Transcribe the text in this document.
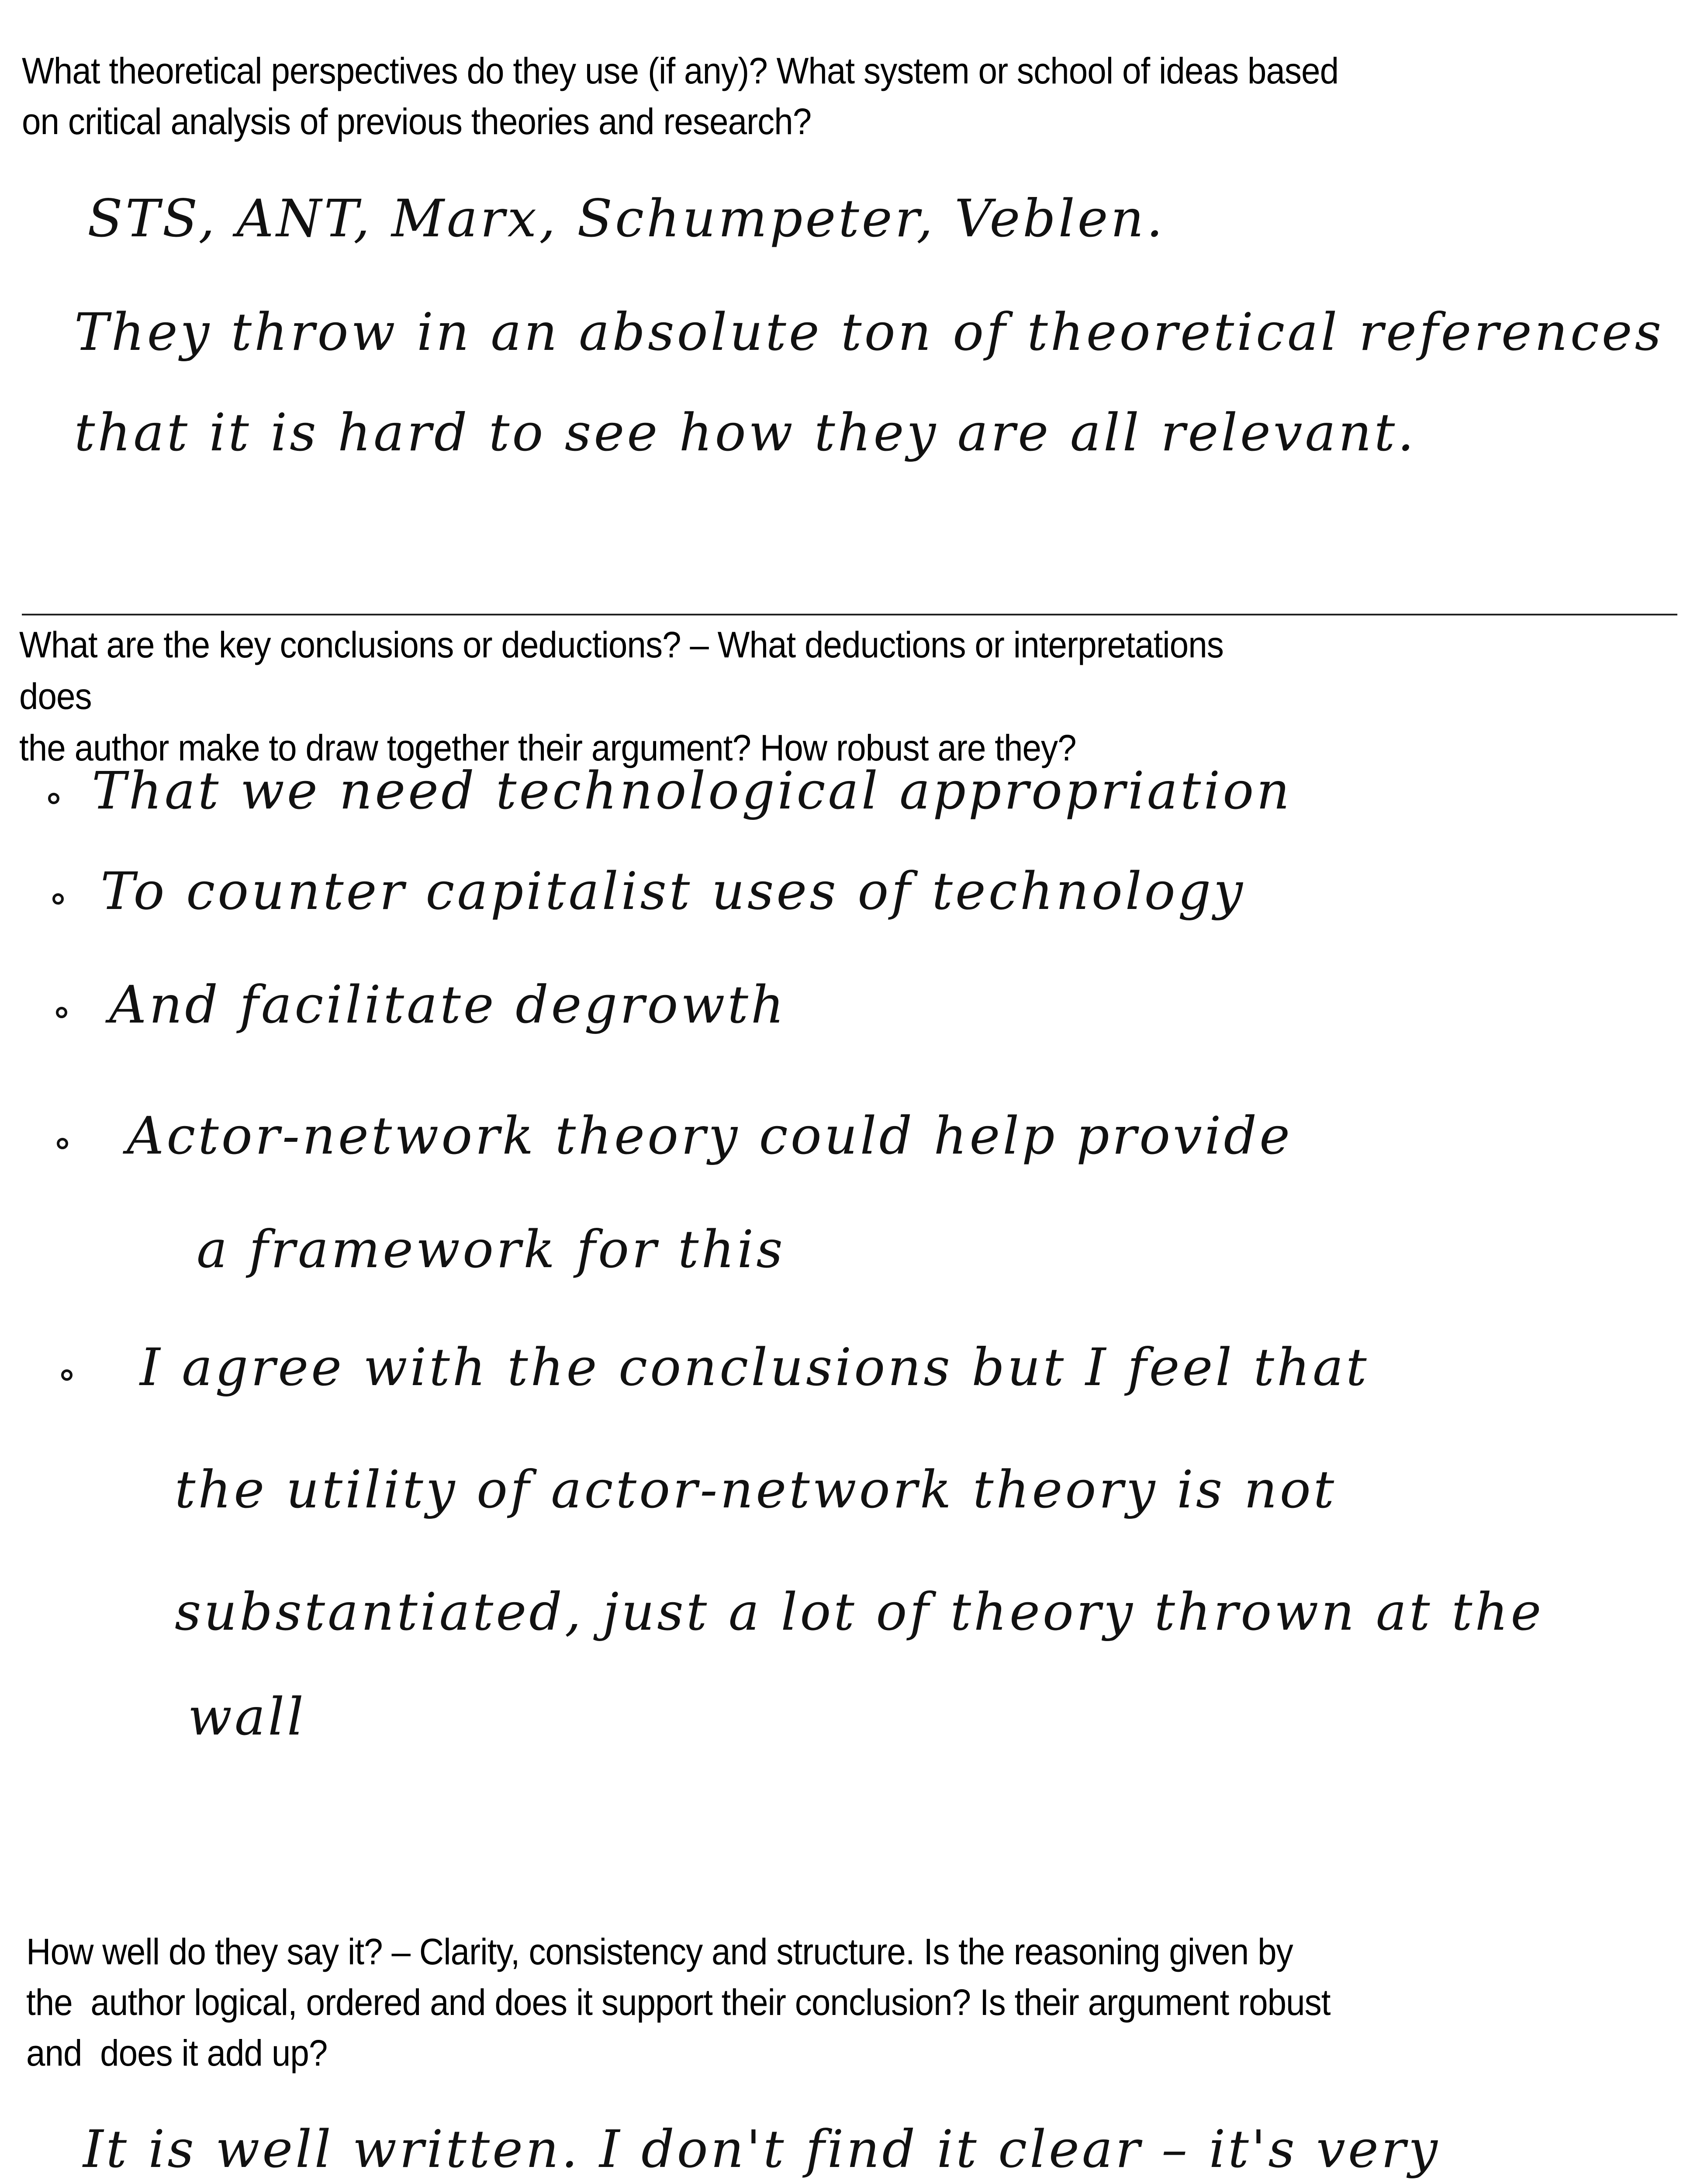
What theoretical perspectives do they use (if any)? What system or school of ideas based
on critical analysis of previous theories and research?
STS, ANT, Marx, Schumpeter, Veblen.
They throw in an absolute ton of theoretical references
that it is hard to see how they are all relevant.
What are the key conclusions or deductions? – What deductions or interpretations
does
the author make to draw together their argument? How robust are they?
That we need technological appropriation
To counter capitalist uses of technology
And facilitate degrowth
Actor-network theory could help provide
a framework for this
I agree with the conclusions but I feel that
the utility of actor-network theory is not
substantiated, just a lot of theory thrown at the
wall
How well do they say it? – Clarity, consistency and structure. Is the reasoning given by
the  author logical, ordered and does it support their conclusion? Is their argument robust
and  does it add up?
It is well written. I don't find it clear – it's very
